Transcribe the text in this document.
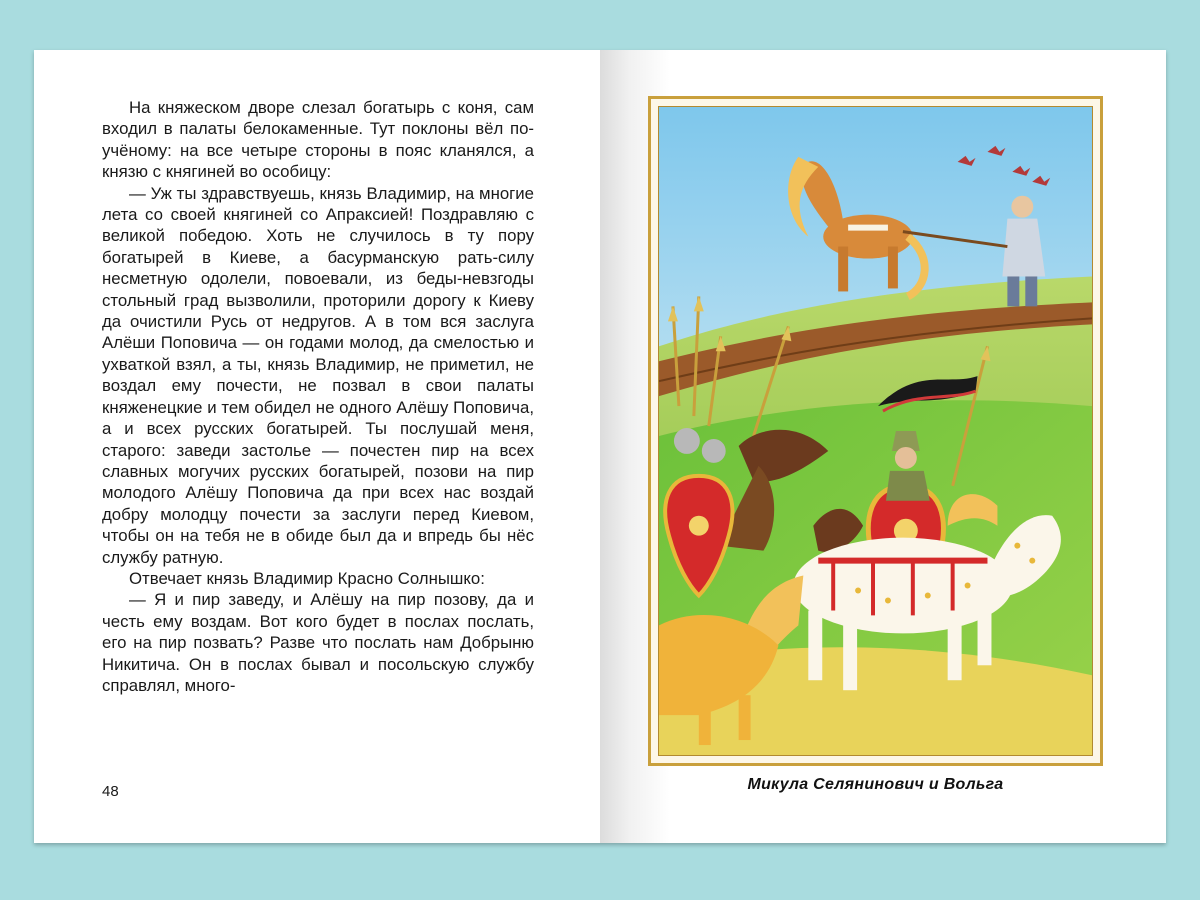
На княжеском дворе слезал богатырь с коня, сам входил в палаты белокаменные. Тут поклоны вёл по-учёному: на все четыре стороны в пояс кланялся, а князю с княгиней во особицу:

— Уж ты здравствуешь, князь Владимир, на многие лета со своей княгиней со Апраксией! Поздравляю с великой победою. Хоть не случилось в ту пору богатырей в Киеве, а басурманскую рать-силу несметную одолели, повоевали, из беды-невзгоды стольный град вызволили, проторили дорогу к Киеву да очистили Русь от недругов. А в том вся заслуга Алёши Поповича — он годами молод, да смелостью и ухваткой взял, а ты, князь Владимир, не приметил, не воздал ему почести, не позвал в свои палаты княженецкие и тем обидел не одного Алёшу Поповича, а и всех русских богатырей. Ты послушай меня, старого: заведи застолье — почестен пир на всех славных могучих русских богатырей, позови на пир молодого Алёшу Поповича да при всех нас воздай добру молодцу почести за заслуги перед Киевом, чтобы он на тебя не в обиде был да и впредь бы нёс службу ратную.

Отвечает князь Владимир Красно Солнышко:

— Я и пир заведу, и Алёшу на пир позову, да и честь ему воздам. Вот кого будет в послах послать, его на пир позвать? Разве что послать нам Добрыню Никитича. Он в послах бывал и посольскую службу справлял, много-

48	Микула Селянинович и Вольга
